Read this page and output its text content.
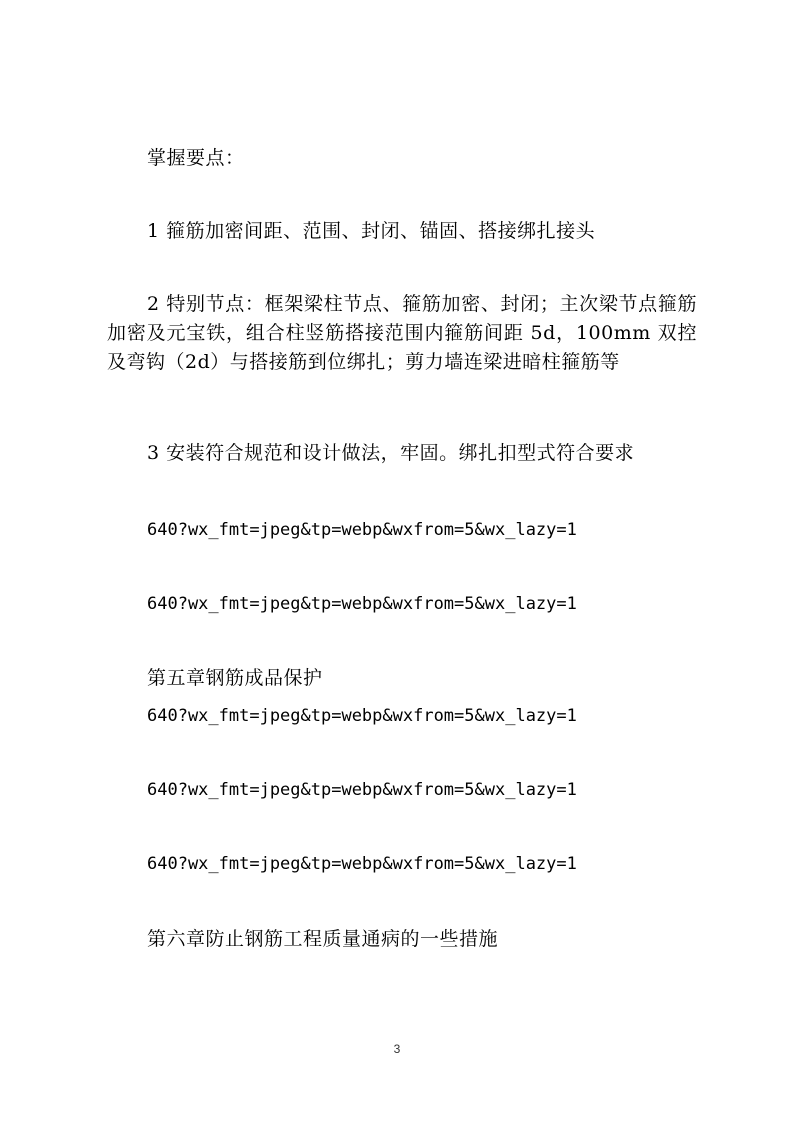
掌握要点：
1 箍筋加密间距、范围、封闭、锚固、搭接绑扎接头
2 特别节点：框架梁柱节点、箍筋加密、封闭；主次梁节点箍筋加密及元宝铁，组合柱竖筋搭接范围内箍筋间距 5d，100mm 双控及弯钩（2d）与搭接筋到位绑扎；剪力墙连梁进暗柱箍筋等
3 安装符合规范和设计做法，牢固。绑扎扣型式符合要求
640?wx_fmt=jpeg&tp=webp&wxfrom=5&wx_lazy=1
640?wx_fmt=jpeg&tp=webp&wxfrom=5&wx_lazy=1
第五章钢筋成品保护
640?wx_fmt=jpeg&tp=webp&wxfrom=5&wx_lazy=1
640?wx_fmt=jpeg&tp=webp&wxfrom=5&wx_lazy=1
640?wx_fmt=jpeg&tp=webp&wxfrom=5&wx_lazy=1
第六章防止钢筋工程质量通病的一些措施
3
